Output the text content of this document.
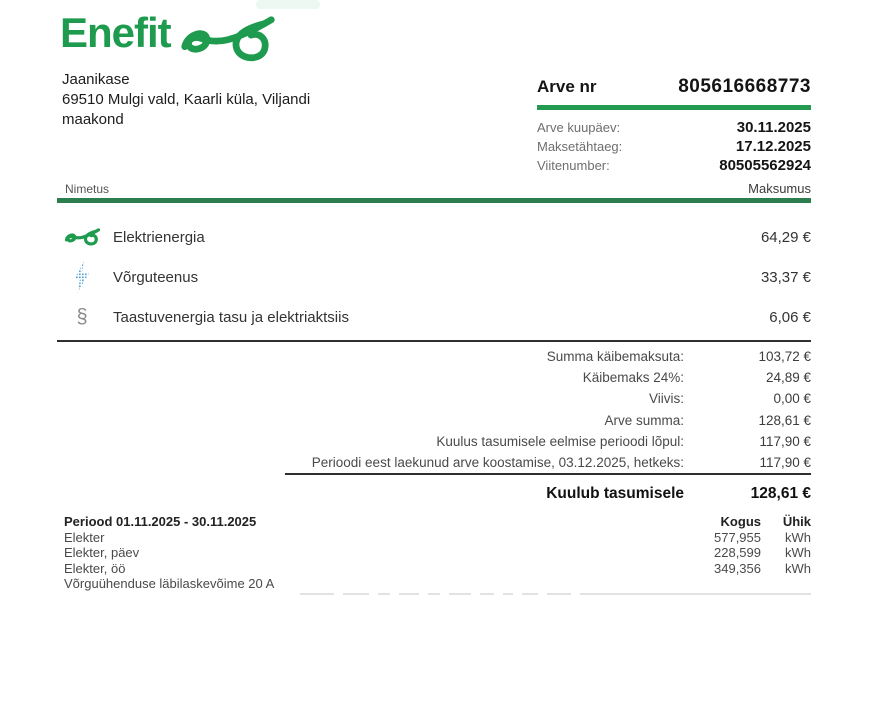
Enefit
Jaanikase
69510 Mulgi vald, Kaarli küla, Viljandi
maakond
Arve nr	805616668773
Arve kuupäev:	30.11.2025
Maksetähtaeg:	17.12.2025
Viitenumber:	80505562924
Nimetus	Maksumus
Elektrienergia	64,29 €
Võrguteenus	33,37 €
§ Taastuvenergia tasu ja elektriaktsiis	6,06 €
Summa käibemaksuta:	103,72 €
Käibemaks 24%:	24,89 €
Viivis:	0,00 €
Arve summa:	128,61 €
Kuulus tasumisele eelmise perioodi lõpul:	117,90 €
Perioodi eest laekunud arve koostamise, 03.12.2025, hetkeks:	117,90 €
Kuulub tasumisele	128,61 €
Periood 01.11.2025 - 30.11.2025	Kogus	Ühik
Elekter	577,955	kWh
Elekter, päev	228,599	kWh
Elekter, öö	349,356	kWh
Võrguühenduse läbilaskevõime 20 A
